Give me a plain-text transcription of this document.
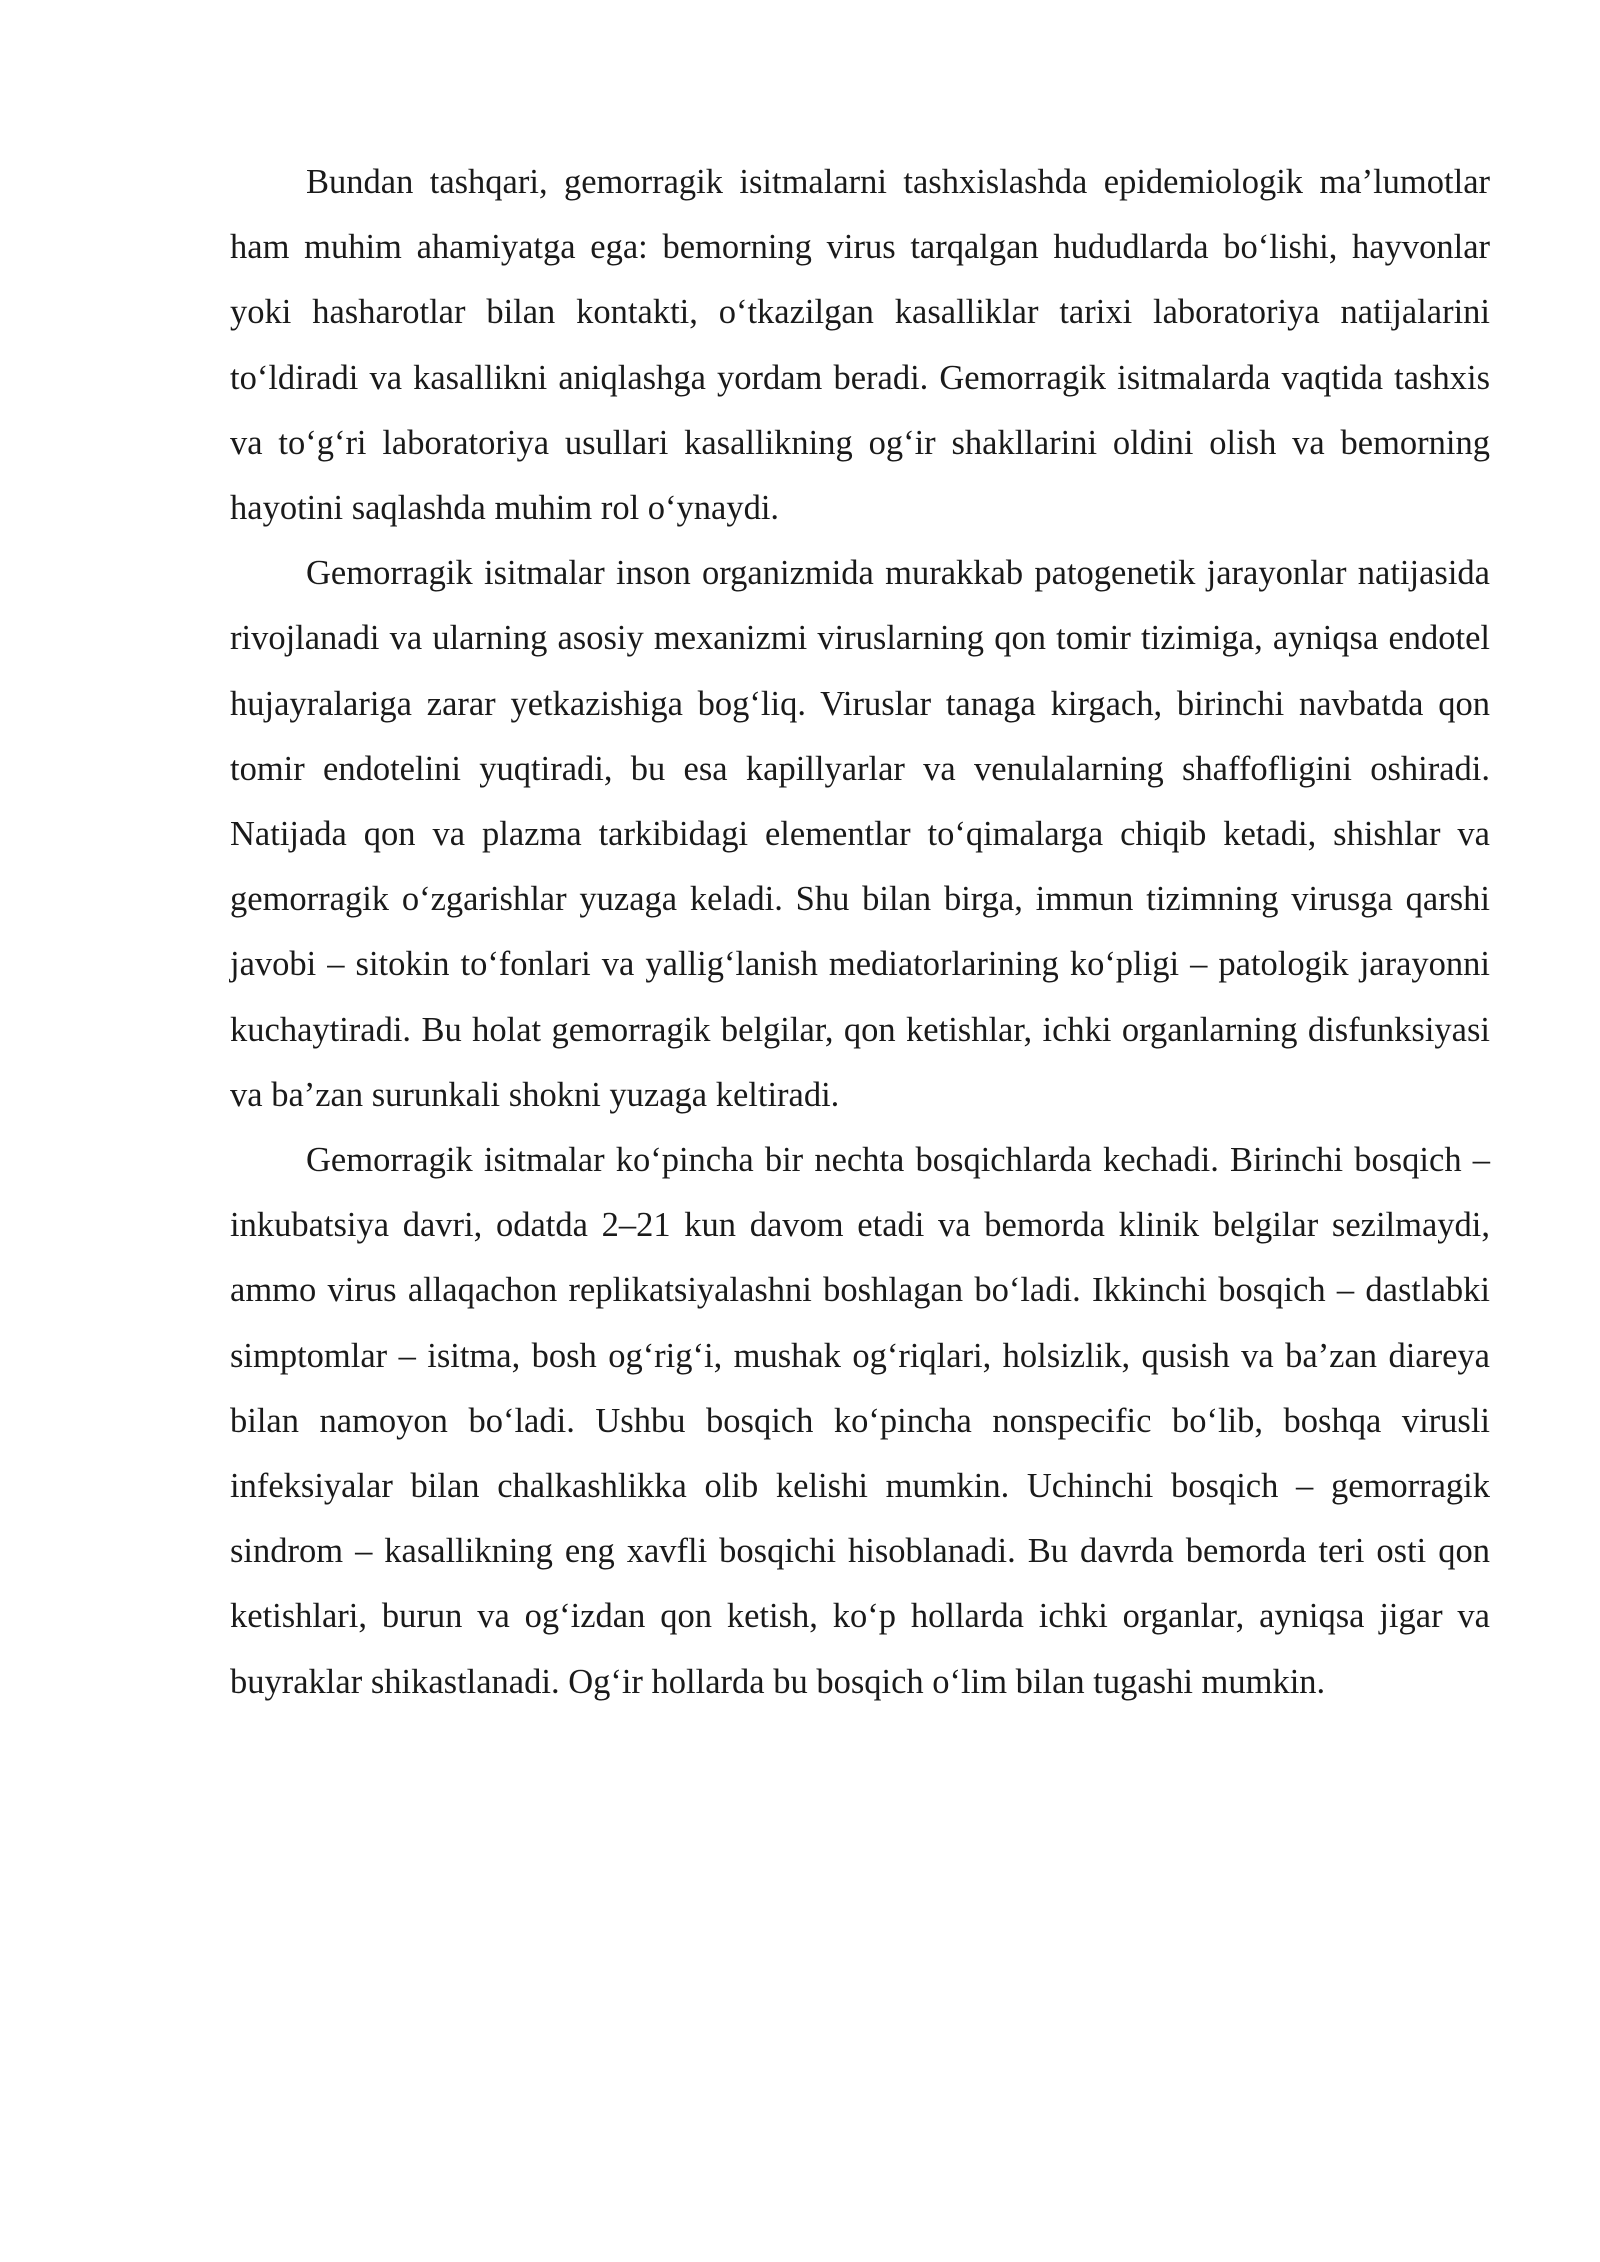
Bundan tashqari, gemorragik isitmalarni tashxislashda epidemiologik ma’lumotlar ham muhim ahamiyatga ega: bemorning virus tarqalgan hududlarda bo‘lishi, hayvonlar yoki hasharotlar bilan kontakti, o‘tkazilgan kasalliklar tarixi laboratoriya natijalarini to‘ldiradi va kasallikni aniqlashga yordam beradi. Gemorragik isitmalarda vaqtida tashxis va to‘g‘ri laboratoriya usullari kasallikning og‘ir shakllarini oldini olish va bemorning hayotini saqlashda muhim rol o‘ynaydi.

Gemorragik isitmalar inson organizmida murakkab patogenetik jarayonlar natijasida rivojlanadi va ularning asosiy mexanizmi viruslarning qon tomir tizimiga, ayniqsa endotel hujayralariga zarar yetkazishiga bog‘liq. Viruslar tanaga kirgach, birinchi navbatda qon tomir endotelini yuqtiradi, bu esa kapillyarlar va venulalarning shaffofligini oshiradi. Natijada qon va plazma tarkibidagi elementlar to‘qimalarga chiqib ketadi, shishlar va gemorragik o‘zgarishlar yuzaga keladi. Shu bilan birga, immun tizimning virusga qarshi javobi – sitokin to‘fonlari va yallig‘lanish mediatorlarining ko‘pligi – patologik jarayonni kuchaytiradi. Bu holat gemorragik belgilar, qon ketishlar, ichki organlarning disfunksiyasi va ba’zan surunkali shokni yuzaga keltiradi.

Gemorragik isitmalar ko‘pincha bir nechta bosqichlarda kechadi. Birinchi bosqich – inkubatsiya davri, odatda 2–21 kun davom etadi va bemorda klinik belgilar sezilmaydi, ammo virus allaqachon replikatsiyalashni boshlagan bo‘ladi. Ikkinchi bosqich – dastlabki simptomlar – isitma, bosh og‘rig‘i, mushak og‘riqlari, holsizlik, qusish va ba’zan diareya bilan namoyon bo‘ladi. Ushbu bosqich ko‘pincha nonspecific bo‘lib, boshqa virusli infeksiyalar bilan chalkashlikka olib kelishi mumkin. Uchinchi bosqich – gemorragik sindrom – kasallikning eng xavfli bosqichi hisoblanadi. Bu davrda bemorda teri osti qon ketishlari, burun va og‘izdan qon ketish, ko‘p hollarda ichki organlar, ayniqsa jigar va buyraklar shikastlanadi. Og‘ir hollarda bu bosqich o‘lim bilan tugashi mumkin.
